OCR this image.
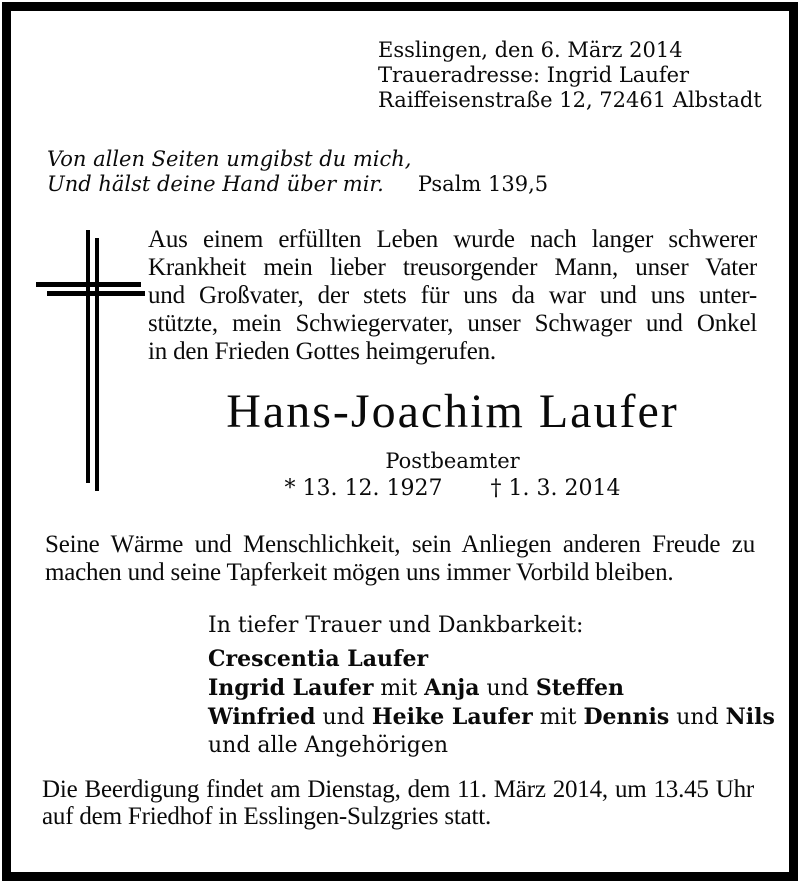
Esslingen, den 6. März 2014
Traueradresse: Ingrid Laufer
Raiffeisenstraße 12, 72461 Albstadt
Von allen Seiten umgibst du mich,
Und hälst deine Hand über mir. Psalm 139,5
Aus einem erfüllten Leben wurde nach langer schwerer
Krankheit mein lieber treusorgender Mann, unser Vater
und Großvater, der stets für uns da war und uns unter-
stützte, mein Schwiegervater, unser Schwager und Onkel
in den Frieden Gottes heimgerufen.
Hans-Joachim Laufer
Postbeamter
* 13. 12. 1927 † 1. 3. 2014
Seine Wärme und Menschlichkeit, sein Anliegen anderen Freude zu
machen und seine Tapferkeit mögen uns immer Vorbild bleiben.
In tiefer Trauer und Dankbarkeit:
Crescentia Laufer
Ingrid Laufer mit Anja und Steffen
Winfried und Heike Laufer mit Dennis und Nils
und alle Angehörigen
Die Beerdigung findet am Dienstag, dem 11. März 2014, um 13.45 Uhr
auf dem Friedhof in Esslingen-Sulzgries statt.
